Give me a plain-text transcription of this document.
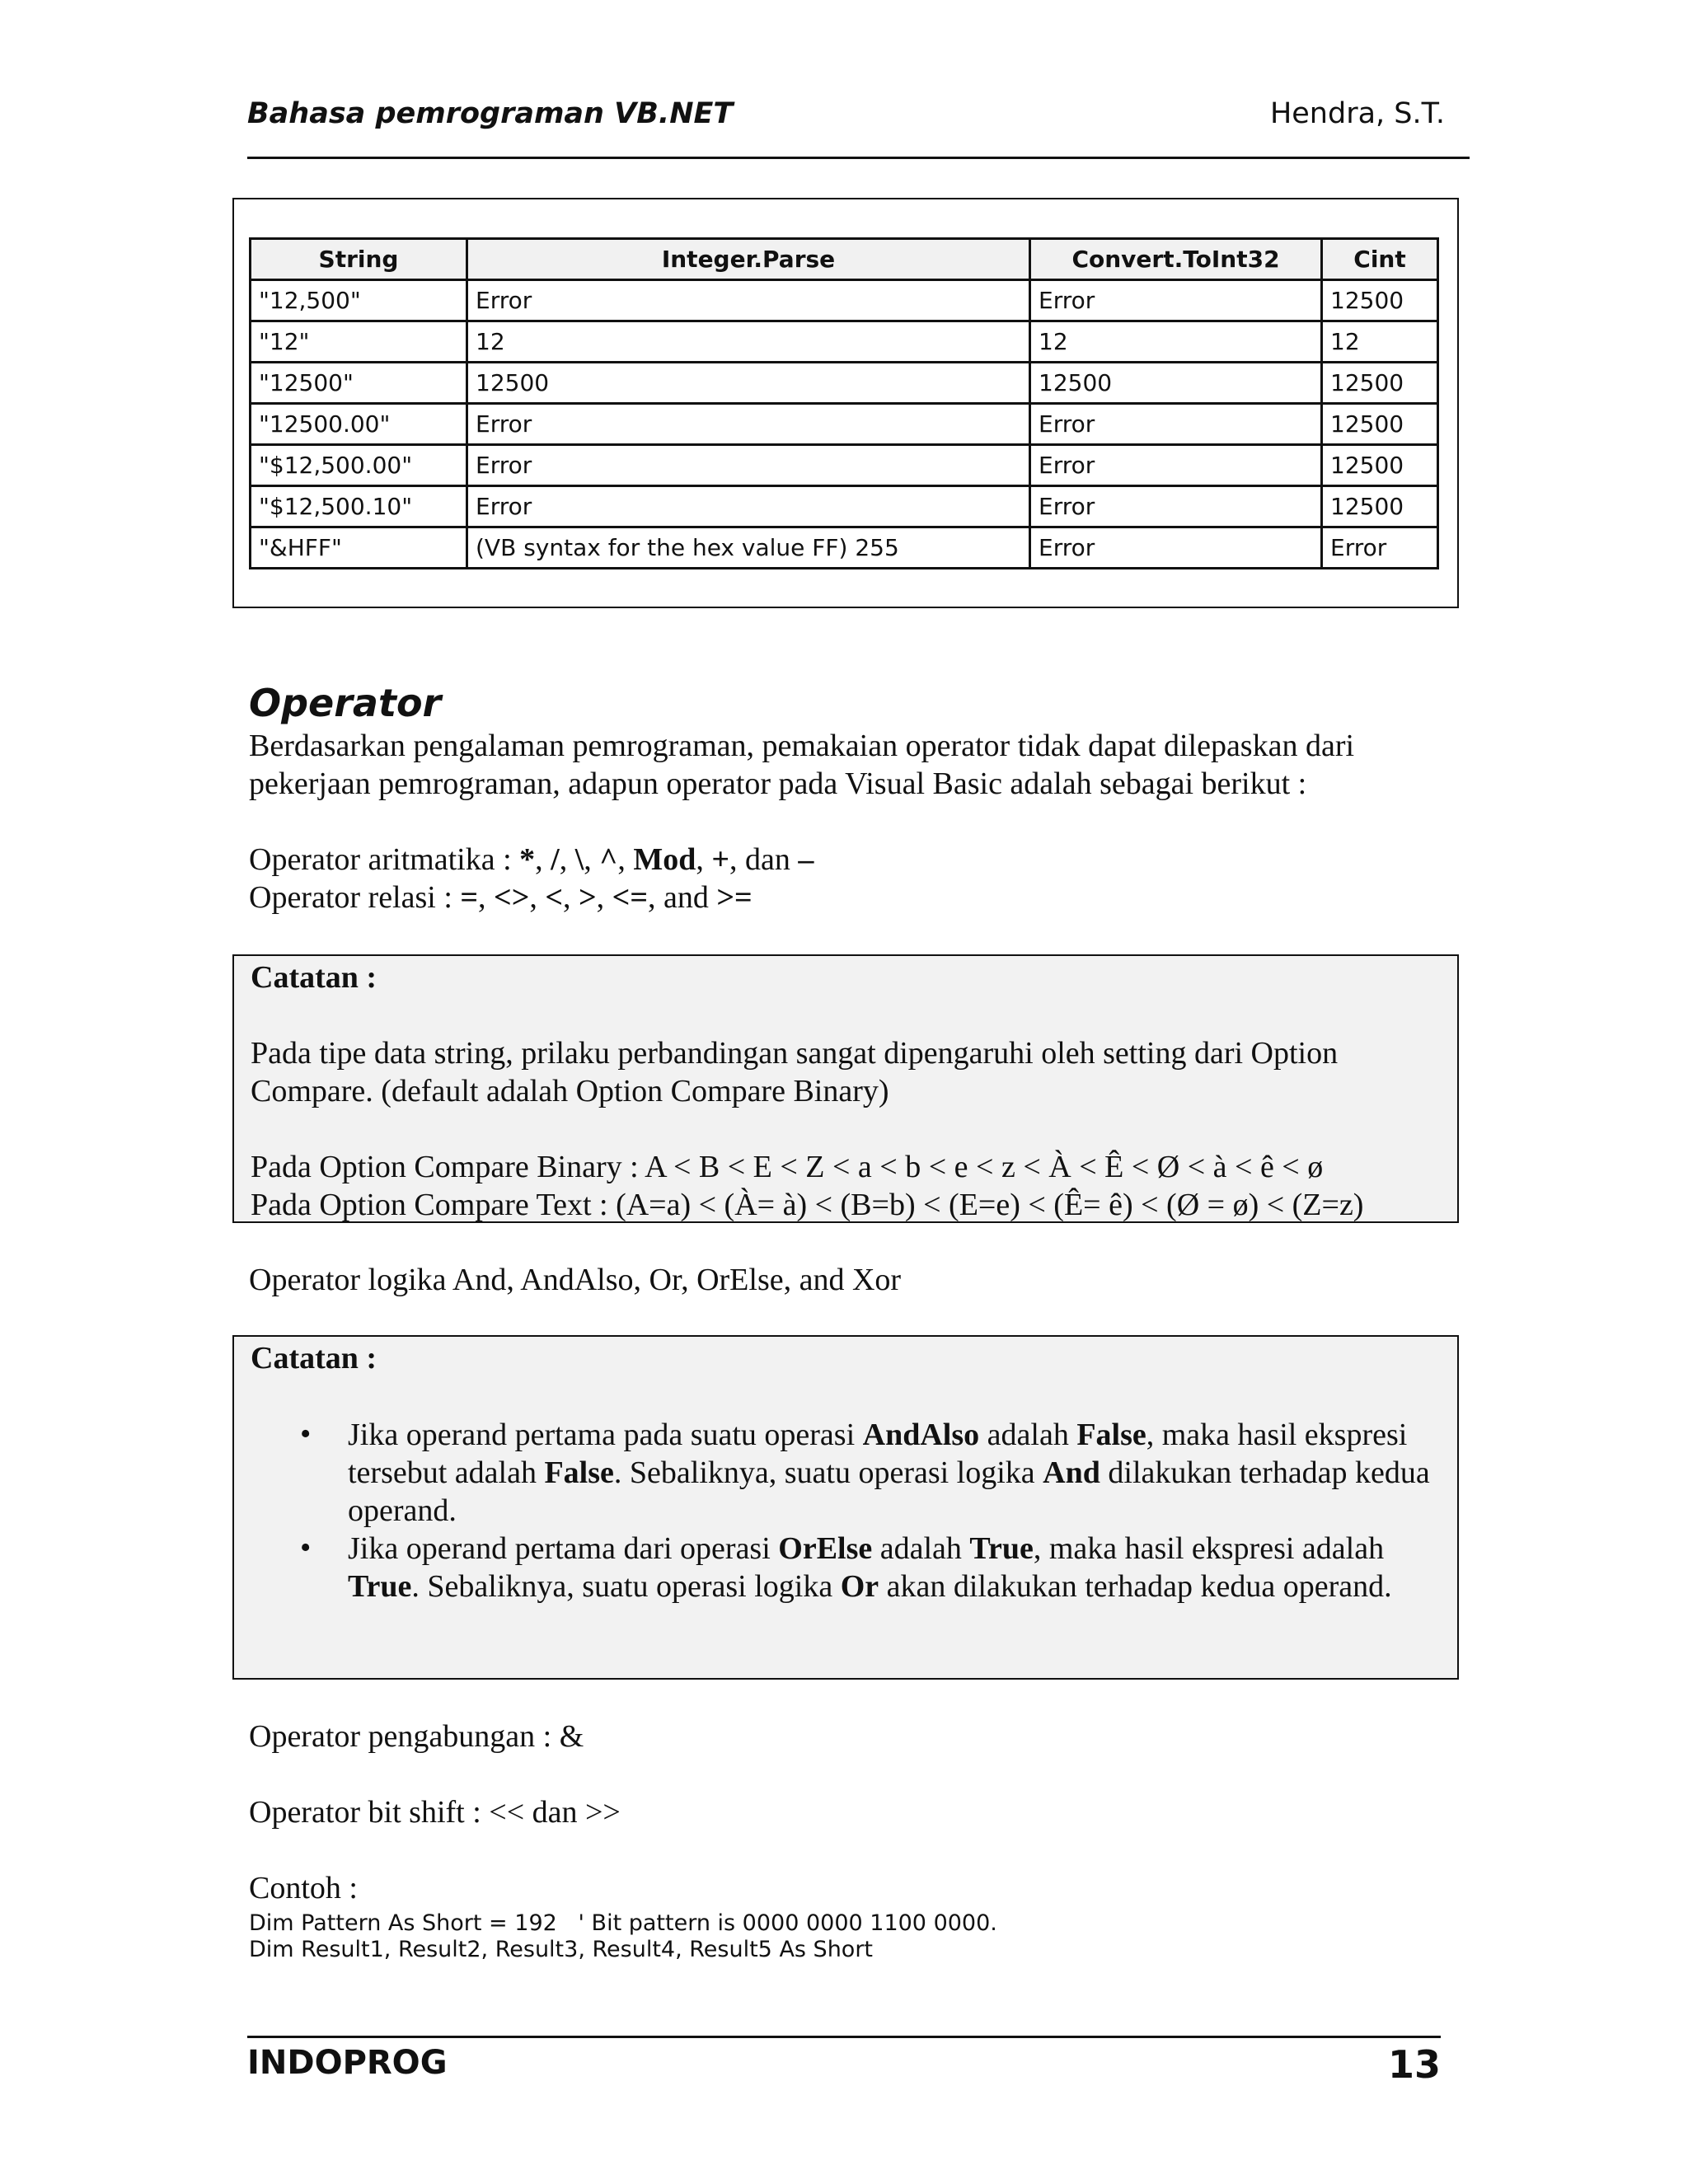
Bahasa pemrograman VB.NET	Hendra, S.T.
String	Integer.Parse	Convert.ToInt32	Cint
"12,500"	Error	Error	12500
"12"	12	12	12
"12500"	12500	12500	12500
"12500.00"	Error	Error	12500
"$12,500.00"	Error	Error	12500
"$12,500.10"	Error	Error	12500
"&HFF"	(VB syntax for the hex value FF) 255	Error	Error
Operator
Berdasarkan pengalaman pemrograman, pemakaian operator tidak dapat dilepaskan dari
pekerjaan pemrograman, adapun operator pada Visual Basic adalah sebagai berikut :
Operator aritmatika : *, /, \, ^, Mod, +, dan –
Operator relasi : =, <>, <, >, <=, and >=
Catatan :
Pada tipe data string, prilaku perbandingan sangat dipengaruhi oleh setting dari Option
Compare. (default adalah Option Compare Binary)
Pada Option Compare Binary : A < B < E < Z < a < b < e < z < À < Ê < Ø < à < ê < ø
Pada Option Compare Text : (A=a) < (À= à) < (B=b) < (E=e) < (Ê= ê) < (Ø = ø) < (Z=z)
Operator logika And, AndAlso, Or, OrElse, and Xor
Catatan :
• Jika operand pertama pada suatu operasi AndAlso adalah False, maka hasil ekspresi tersebut adalah False. Sebaliknya, suatu operasi logika And dilakukan terhadap kedua operand.
• Jika operand pertama dari operasi OrElse adalah True, maka hasil ekspresi adalah True. Sebaliknya, suatu operasi logika Or akan dilakukan terhadap kedua operand.
Operator pengabungan : &
Operator bit shift : << dan >>
Contoh :
Dim Pattern As Short = 192   ' Bit pattern is 0000 0000 1100 0000.
Dim Result1, Result2, Result3, Result4, Result5 As Short
INDOPROG	13
